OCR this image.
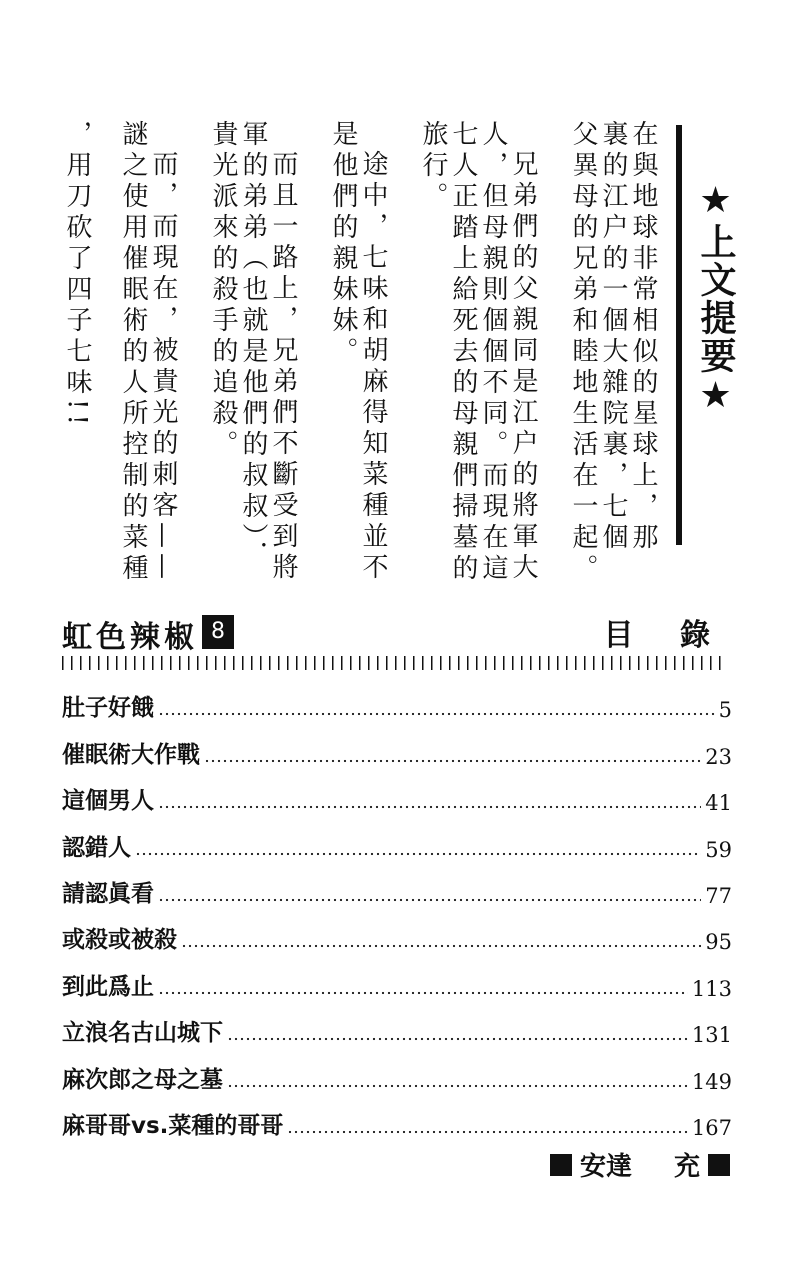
★上文提要★
在與地球非常相似的星球上，那
裏的江户的一個大雜院裏，七個
父異母的兄弟和睦地生活在一起。
兄弟們的父親同是江户的將軍大
人，但母親則個個不同。而現在這
七人正踏上給死去的母親們掃墓的
旅行。
途中，七味和胡麻得知菜種並不
是他們的親妹妹。
而且一路上，兄弟們不斷受到將
軍的弟弟（也就是他們的叔叔）．
貴光派來的殺手的追殺。
而，而現在，被貴光的刺客——
謎之使用催眠術的人所控制的菜種
，用刀砍了四子七味!!
虹色辣椒 8	目 錄
肚子好餓	5
催眠術大作戰	23
這個男人	41
認錯人	59
請認眞看	77
或殺或被殺	95
到此爲止	113
立浪名古山城下	131
麻次郎之母之墓	149
麻哥哥vs.菜種的哥哥	167
安達 充
